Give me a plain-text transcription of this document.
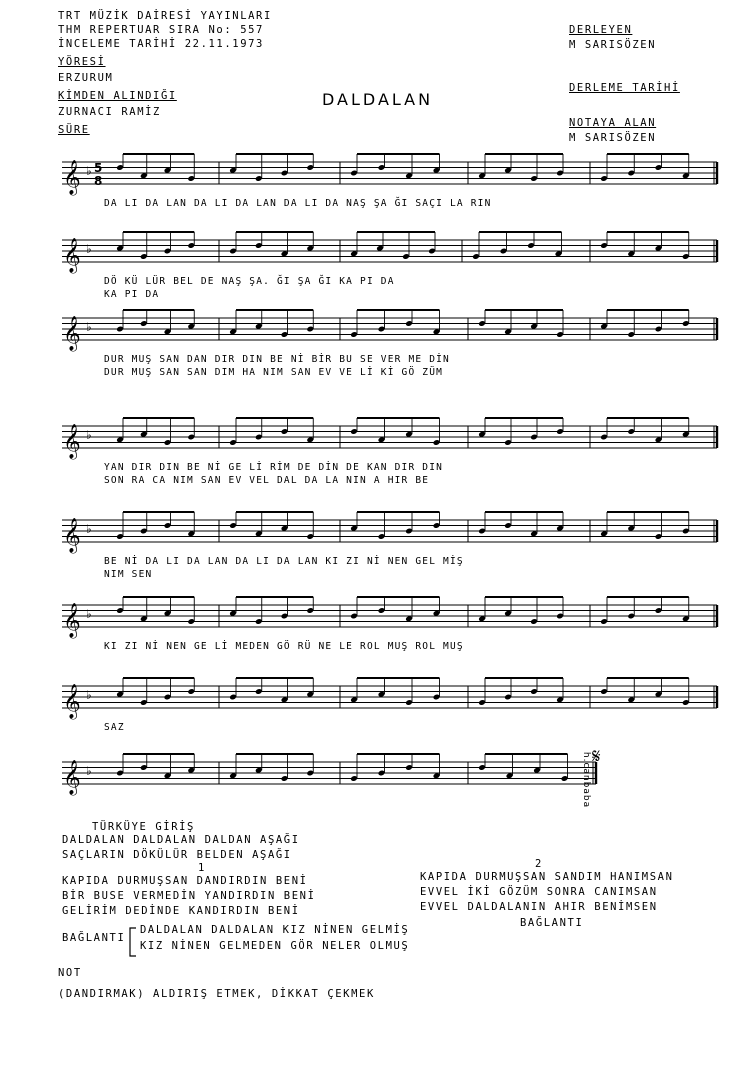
TRT MÜZİK DAİRESİ YAYINLARI
THM REPERTUAR SIRA No: 557
İNCELEME TARİHİ 22.11.1973
YÖRESİ
ERZURUM
KİMDEN ALINDIĞI
ZURNACI RAMİZ
SÜRE
DERLEYEN
M SARISÖZEN
DERLEME TARİHİ
NOTAYA ALAN
M SARISÖZEN
DALDALAN
𝄞 ♭ 5
8
DA LI DA LAN DA LI DA LAN DA LI DA NAŞ ŞA ĞI SAÇI LA RIN
𝄞 ♭
DÖ KÜ LÜR BEL DE NAŞ ŞA. ĞI ŞA ĞI KA PI DA
KA PI DA
𝄞 ♭
DUR MUŞ SAN DAN DIR DIN BE Nİ BİR BU SE VER ME DİN
DUR MUŞ SAN SAN DIM HA NIM SAN EV VE Lİ Kİ GÖ ZÜM
𝄞 ♭
YAN DIR DIN BE Nİ GE Lİ RİM DE DİN DE KAN DIR DIN
SON RA CA NIM SAN EV VEL DAL DA LA NIN A HIR BE
𝄞 ♭
BE Nİ DA LI DA LAN DA LI DA LAN KI ZI Nİ NEN GEL MİŞ
NIM SEN
𝄞 ♭
KI ZI Nİ NEN GE Lİ MEDEN GÖ RÜ NE LE ROL MUŞ ROL MUŞ
𝄞 ♭
SAZ
𝄞 ♭
𝄋
h.canbaba
TÜRKÜYE GİRİŞ
DALDALAN DALDALAN DALDAN AŞAĞI
SAÇLARIN DÖKÜLÜR BELDEN AŞAĞI
1
KAPIDA DURMUŞSAN DANDIRDIN BENİ
BİR BUSE VERMEDİN YANDIRDIN BENİ
GELİRİM DEDİNDE KANDIRDIN BENİ
2
KAPIDA DURMUŞSAN SANDIM HANIMSAN
EVVEL İKİ GÖZÜM SONRA CANIMSAN
EVVEL DALDALANIN AHIR BENİMSEN
BAĞLANTI
BAĞLANTI
DALDALAN DALDALAN KIZ NİNEN GELMİŞ
KIZ NİNEN GELMEDEN GÖR NELER OLMUŞ
NOT
(DANDIRMAK) ALDIRIŞ ETMEK, DİKKAT ÇEKMEK
